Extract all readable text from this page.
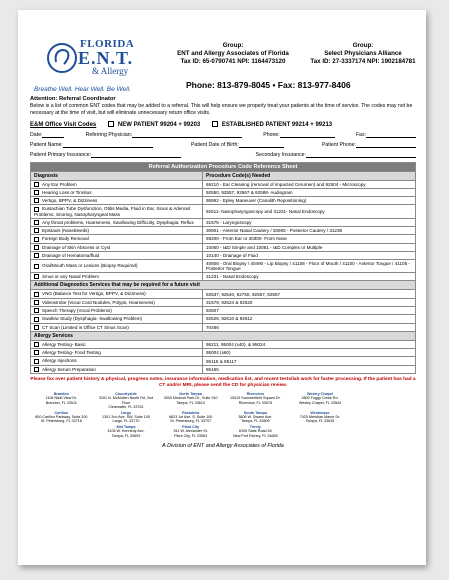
FLORIDA
E.N.T.
& Allergy
Breathe Well. Hear Well. Be Well.
Group:
ENT and Allergy Associates of Florida
Tax ID: 65-0790741 NPI: 1164473120
Group:
Select Physicians Alliance
Tax ID: 27-3337174 NPI: 1902184781
Phone: 813-879-8045 • Fax: 813-977-8406
Attention: Referral Coordinator
Below is a list of common ENT codes that may be added to a referral. This will help ensure we properly treat your patients at the time of service. The codes may not be necessary at the time of visit, but will eliminate unnecessary return office visits.
E&M Office Visit Codes	NEW PATIENT 99204 + 99203	ESTABLISHED PATIENT 99214 + 99213
Date:	Referring Physician:	Phone:	Fax:
Patient Name:	Patient Date of Birth:	Patient Phone:
Patient Primary Insurance:	Secondary Insurance:
Referral Authorization Procedure Code Reference Sheet	
Diagnosis	Procedure Code(s) Needed
Any Ear Problem	69210 - Ear Cleaning (removal of impacted Cerumen) and 92504 - Microscopy
Hearing Loss or Tinnitus	92550, 92557, 92567 & 92588- Audiogram
Vertigo, BPPV, & Dizziness	95992 - Epley Maneuver (Canalith Repositioning)
Eustachian Tube Dysfunction, Otitis Media, Fluid in Ear, Sinus & Adenoid Problems, Snoring, Nasopharyngeal Mass	92511- Nasopharyngoscopy and 31231- Nasal Endoscopy
Any throat problems, Hoarseness, Swallowing Difficulty, Dysphagia, Reflux	31575 - Laryngoscopy
Epistaxis (Nosebleeds)	30901 - Anterior Nasal Cautery / 30905 - Posterior Cautery / 31238
Foreign Body Removal	69200 - From Ear or 30300- From Nose
Drainage of Skin Abscess or Cyst	10060 - I&D Simple and 10061 - I&D Complex or Multiple
Drainage of Hematoma/fluid	10140 - Drainage of Fluid
Oral/Mouth Mass or Lesions (Biopsy Required)	40808 - Oral Biopsy / 40490 - Lip Biopsy / 41108 - Floor of Mouth / 41100 - Anterior Tongue / 41105 - Posterior Tongue
Sinus or any Nasal Problem	31231 - Nasal Endoscopy
Additional Diagnostics Services that may be required for a future visit	
VNG (Balance Test for Vertigo, BPPV, & Dizziness)	92537, 92540, 92750, 92557, 92567
Videostrobe (Vocal Cord Nodules, Polyps, Hoarseness)	31579, 92524 & 92520
Speech Therapy (Vocal Problems)	92507
Swallow Study (Dysphagia- Swallowing Problem)	92526, 92610 & 92612
CT Scan (Limited in Office CT Sinus Scan)	70486
Allergy Services	
Allergy Testing- Basic	95211, 95004 (x40), & 95024
Allergy Testing- Food Testing	95004 (x60)
Allergy Injections	95115 & 95117
Allergy Serum Preparation	95165
Please fax over patient history & physical, progress notes, insurance information, medication list, and recent tests/lab work for faster processing. If the patient has had a CT and/or MRI, please send the CD for physician review.
Brandon
1108 Nikki View Dr.
Brandon, FL 33511
Countryside
3151 N. McMullen Booth Rd, 2nd Floor
Clearwater, FL 33761
North Tampa
3000 Medical Park Dr., Suite 310
Tampa, FL 33613
Riverview
10015 Summerfield Square Dr.
Riverview, FL 33578
Wesley Chapel
2800 Foggy Creek Rd.
Wesley Chapel, FL 33544
Carillon
800 Carillon Parkway, Suite 200
St. Petersburg, FL 33716
Largo
1301 2nd Ave. SW, Suite 100
Largo, FL 33770
Pasadena
6623 1st Ave. S, Suite 100
St. Petersburg, FL 33707
South Tampa
3806 W. Swann Ave.
Tampa, FL 33609
Westchase
7425 Meridian Manor Dr.
Tampa, FL 33635
Mid Tampa
3105 W. Kennedy Ave.
Tampa, FL 33609
Plant City
511 W. Alexander St.
Plant City, FL 33563
Trinity
8105 State Road 54
New Port Richey, FL 34655
A Division of ENT and Allergy Associates of Florida
